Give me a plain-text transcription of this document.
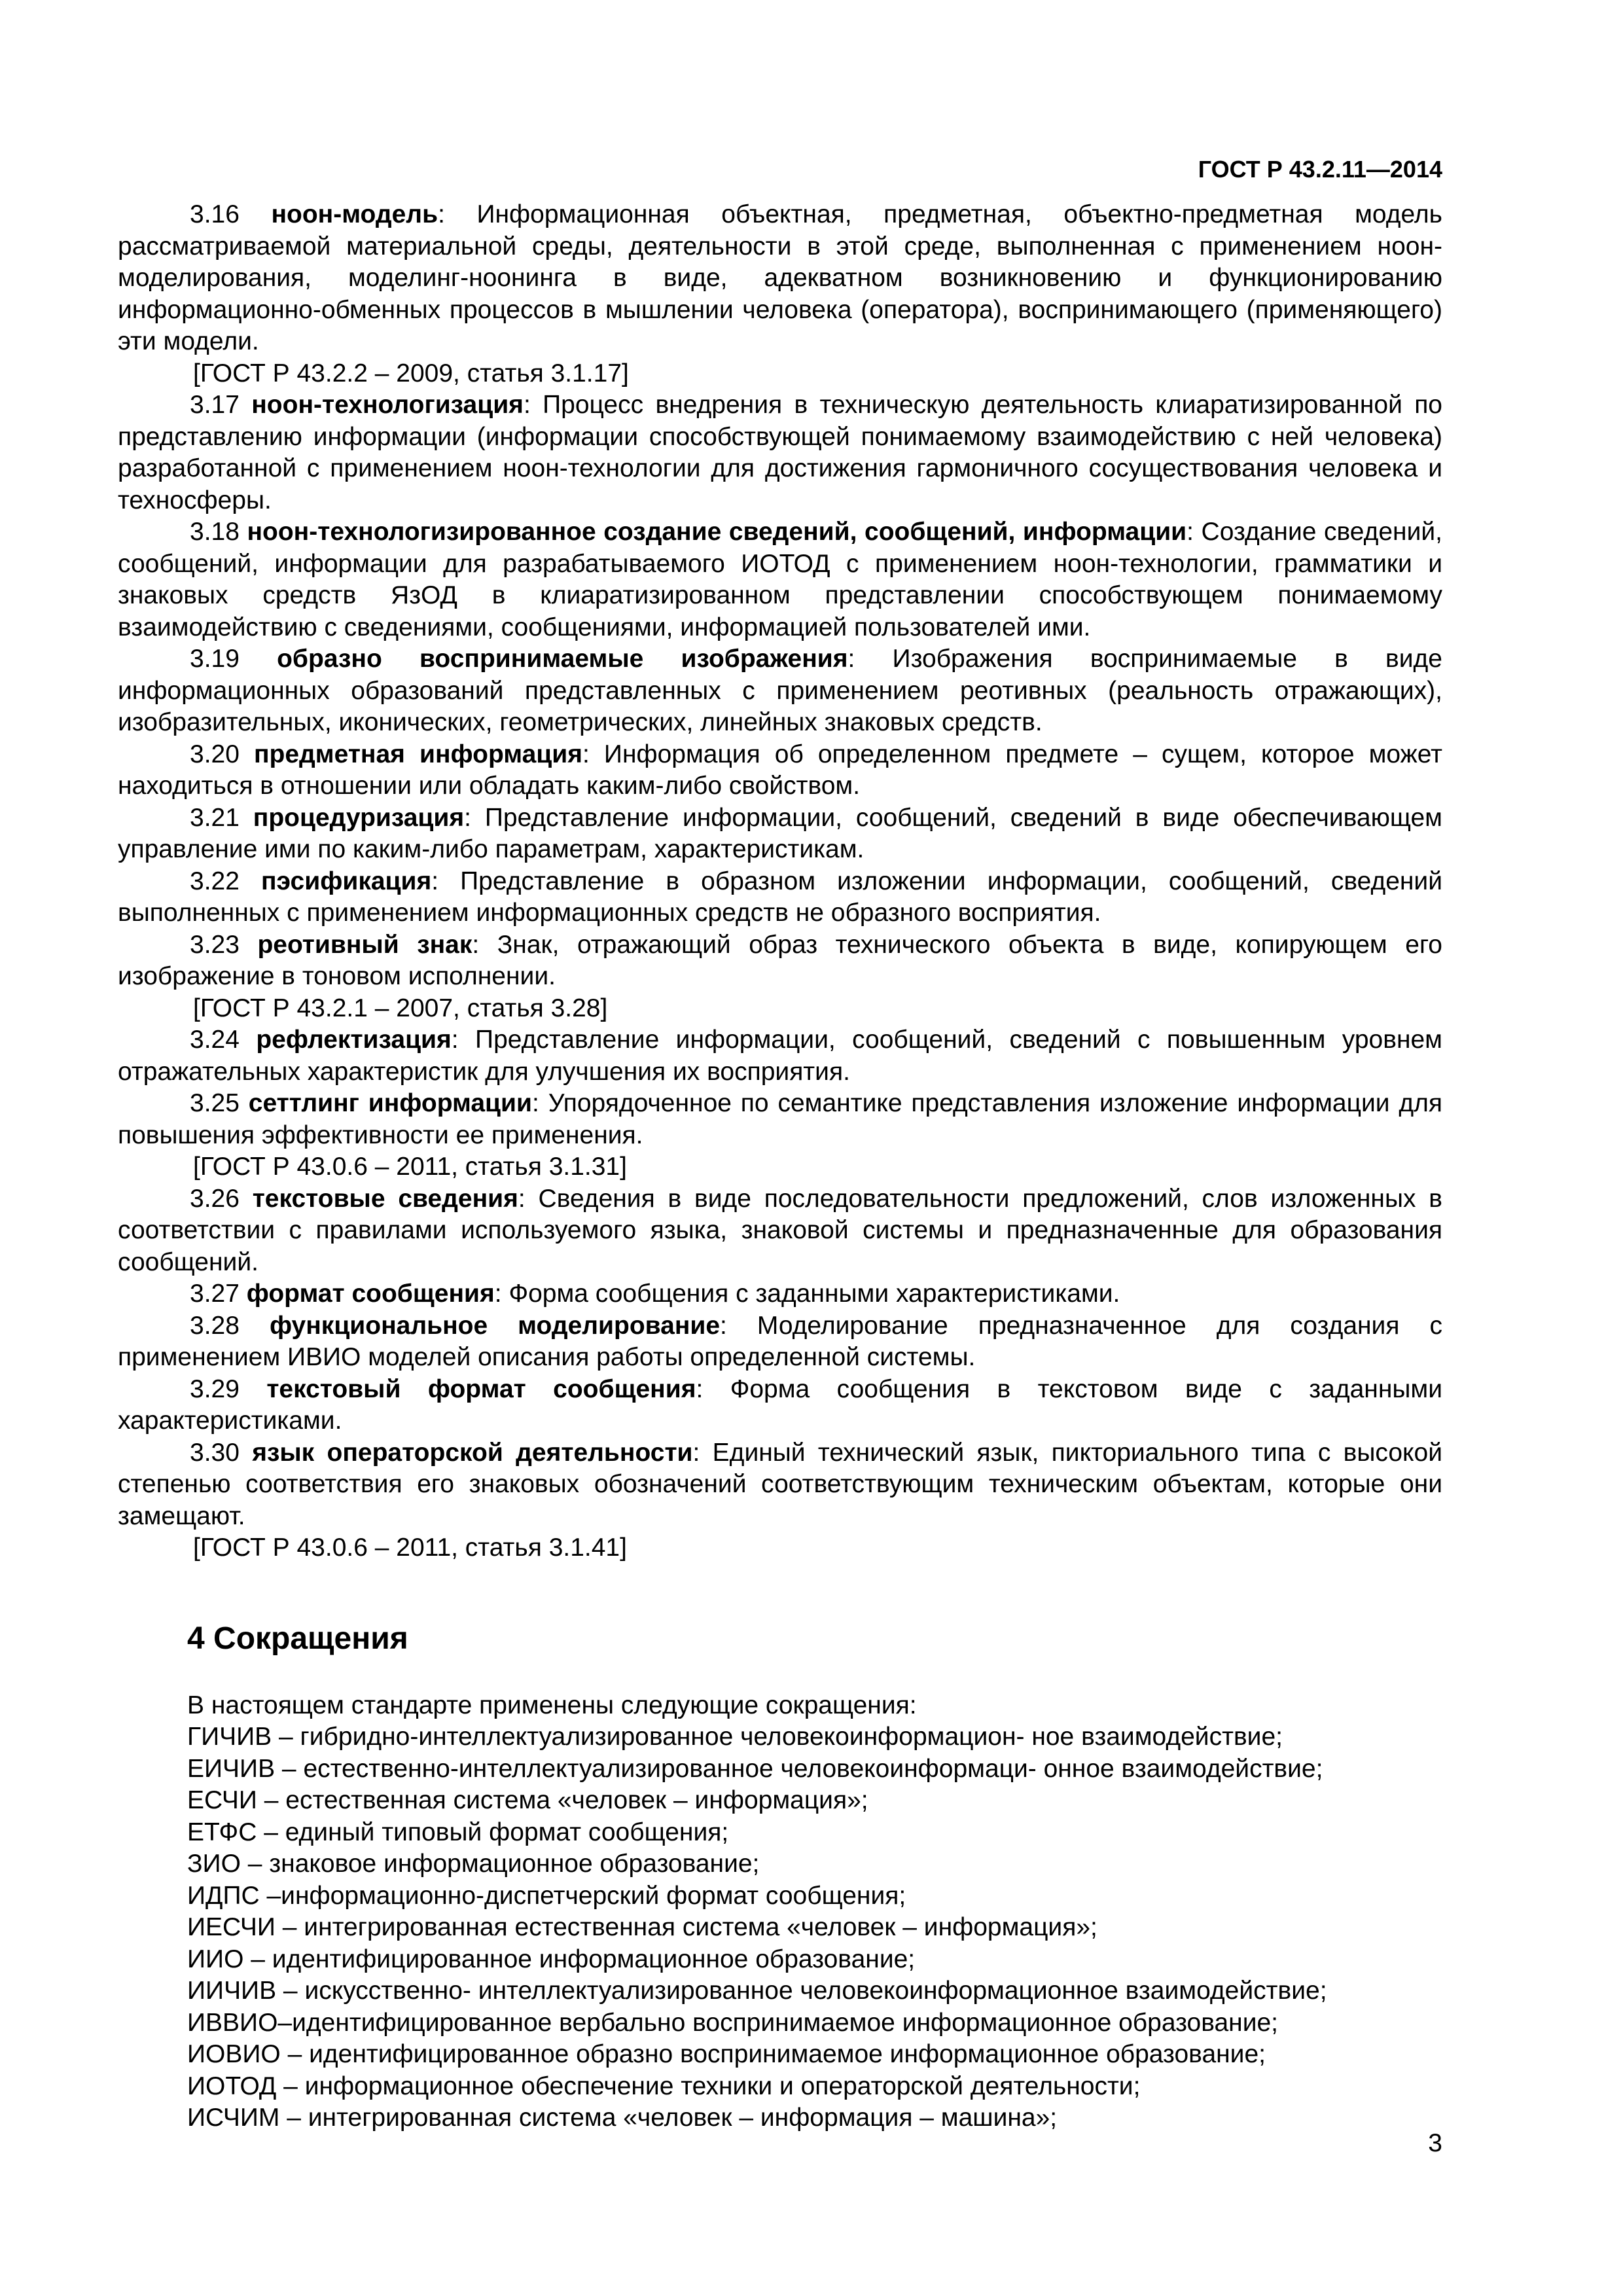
ГОСТ Р 43.2.11—2014

3.16 ноон-модель: Информационная объектная, предметная, объектно-предметная модель рассматриваемой материальной среды, деятельности в этой среде, выполненная с применением ноон-моделирования, моделинг-ноонинга в виде, адекватном возникновению и функционированию информационно-обменных процессов в мышлении человека (оператора), воспринимающего (применяющего) эти модели.

[ГОСТ Р 43.2.2 – 2009, статья 3.1.17]

3.17 ноон-технологизация: Процесс внедрения в техническую деятельность клиаратизированной по представлению информации (информации способствующей понимаемому взаимодействию с ней человека) разработанной с применением ноон-технологии для достижения гармоничного сосуществования человека и техносферы.

3.18 ноон-технологизированное создание сведений, сообщений, информации: Создание сведений, сообщений, информации для разрабатываемого ИОТОД с применением ноон-технологии, грамматики и знаковых средств ЯзОД в клиаратизированном представлении способствующем понимаемому взаимодействию с сведениями, сообщениями, информацией пользователей ими.

3.19 образно воспринимаемые изображения: Изображения воспринимаемые в виде информационных образований представленных с применением реотивных (реальность отражающих), изобразительных, иконических, геометрических, линейных знаковых средств.

3.20 предметная информация: Информация об определенном предмете – сущем, которое может находиться в отношении или обладать каким-либо свойством.

3.21 процедуризация: Представление информации, сообщений, сведений в виде обеспечивающем управление ими по каким-либо параметрам, характеристикам.

3.22 пэсификация: Представление в образном изложении информации, сообщений, сведений выполненных с применением информационных средств не образного восприятия.

3.23 реотивный знак: Знак, отражающий образ технического объекта в виде, копирующем его изображение в тоновом исполнении.

[ГОСТ Р 43.2.1 – 2007, статья 3.28]

3.24 рефлектизация: Представление информации, сообщений, сведений с повышенным уровнем отражательных характеристик для улучшения их восприятия.

3.25 сеттлинг информации: Упорядоченное по семантике представления изложение информации для повышения эффективности ее применения.

[ГОСТ Р 43.0.6 – 2011, статья 3.1.31]

3.26 текстовые сведения: Сведения в виде последовательности предложений, слов изложенных в соответствии с правилами используемого языка, знаковой системы и предназначенные для образования сообщений.

3.27 формат сообщения: Форма сообщения с заданными характеристиками.

3.28 функциональное моделирование: Моделирование предназначенное для создания с применением ИВИО моделей описания работы определенной системы.

3.29 текстовый формат сообщения: Форма сообщения в текстовом виде с заданными характеристиками.

3.30 язык операторской деятельности: Единый технический язык, пикториального типа с высокой степенью соответствия его знаковых обозначений соответствующим техническим объектам, которые они замещают.

[ГОСТ Р 43.0.6 – 2011, статья 3.1.41]

4 Сокращения

В настоящем стандарте применены следующие сокращения:

ГИЧИВ – гибридно-интеллектуализированное человекоинформацион- ное взаимодействие;

ЕИЧИВ – естественно-интеллектуализированное человекоинформаци- онное взаимодействие;

ЕСЧИ – естественная система «человек – информация»;

ЕТФС – единый типовый формат сообщения;

ЗИО – знаковое информационное образование;

ИДПС –информационно-диспетчерский формат сообщения;

ИЕСЧИ – интегрированная естественная система «человек – информация»;

ИИО – идентифицированное информационное образование;

ИИЧИВ – искусственно- интеллектуализированное человекоинформационное взаимодействие;

ИВВИО–идентифицированное вербально воспринимаемое информационное образование;

ИОВИО – идентифицированное образно воспринимаемое информационное образование;

ИОТОД – информационное обеспечение техники и операторской деятельности;

ИСЧИМ – интегрированная система «человек – информация – машина»;

3
